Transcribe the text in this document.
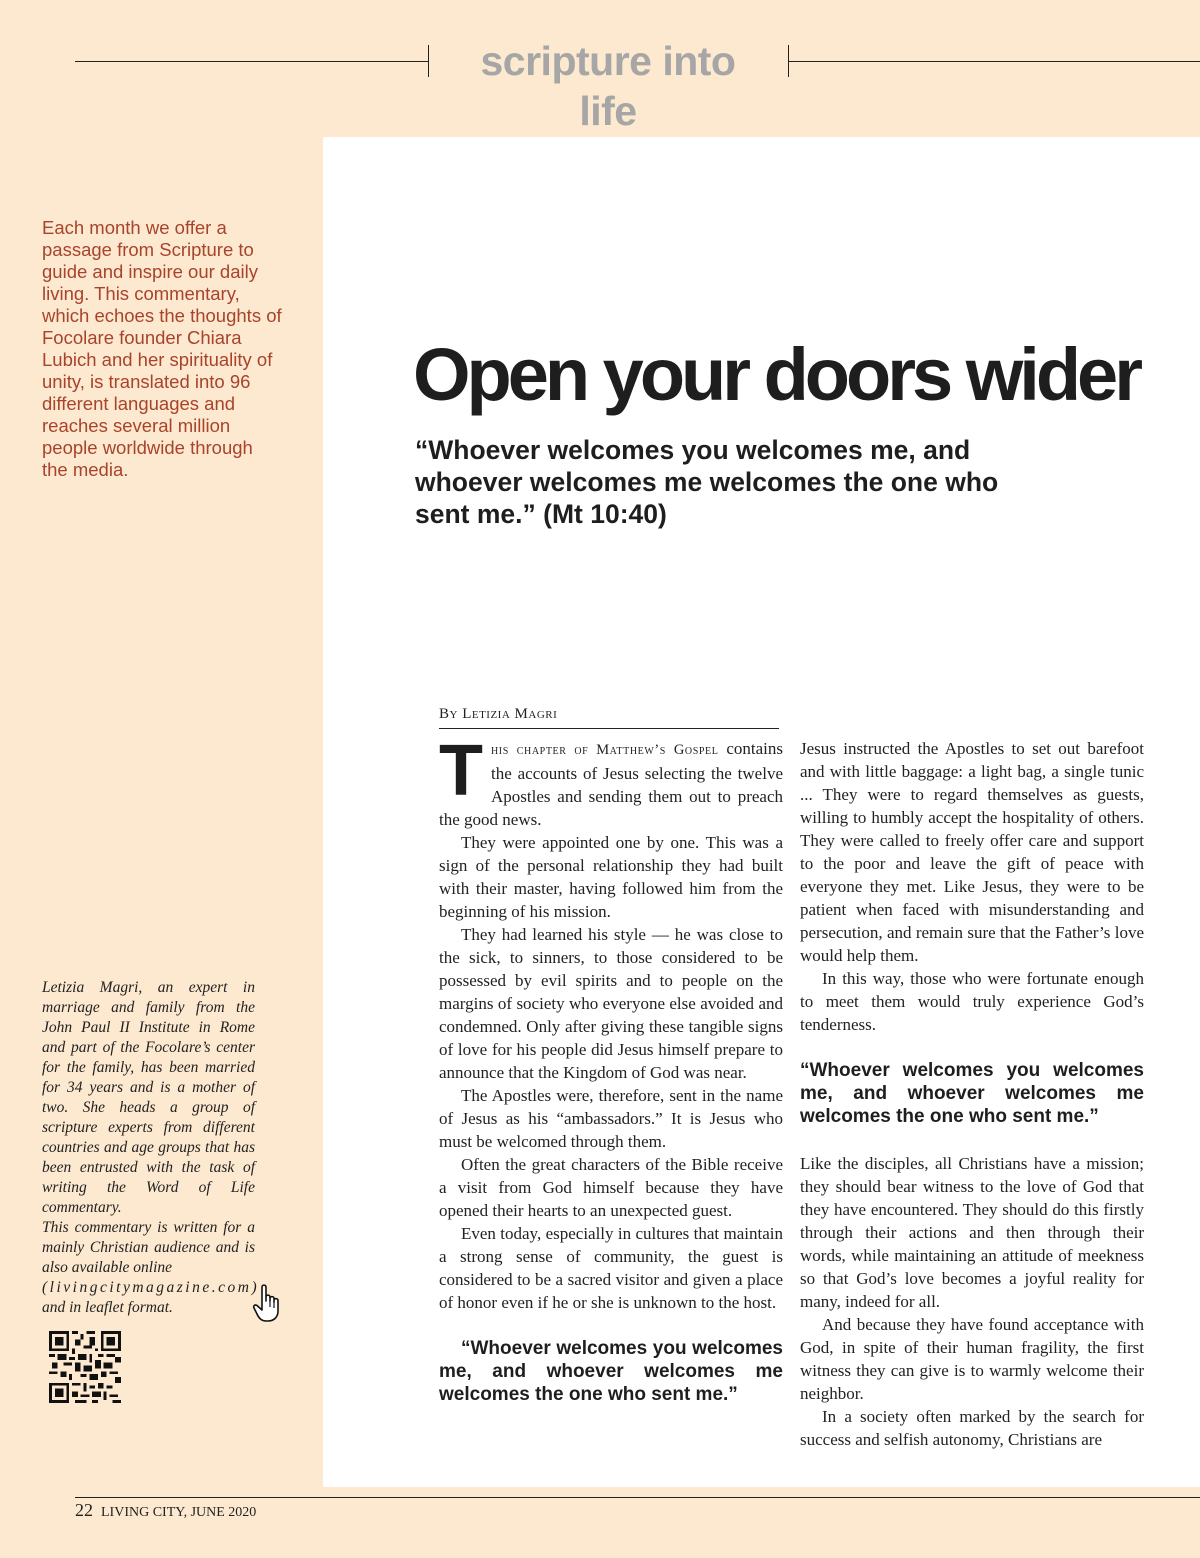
scripture into life
Each month we offer a passage from Scripture to guide and inspire our daily living. This commentary, which echoes the thoughts of Focolare founder Chiara Lubich and her spirituality of unity, is translated into 96 different languages and reaches several million people worldwide through the media.

Letizia Magri, an expert in marriage and family from the John Paul II Institute in Rome and part of the Focolare’s center for the family, has been married for 34 years and is a mother of two. She heads a group of scripture experts from different countries and age groups that has been entrusted with the task of writing the Word of Life commentary.

This commentary is written for a mainly Christian audience and is also available online

(livingcitymagazine.com)

and in leaflet format.

Open your doors wider
“Whoever welcomes you welcomes me, and whoever welcomes me welcomes the one who sent me.” (Mt 10:40)
By Letizia Magri

This chapter of Matthew’s Gospel contains the accounts of Jesus selecting the twelve Apostles and sending them out to preach the good news.

They were appointed one by one. This was a sign of the personal relationship they had built with their master, having followed him from the beginning of his mission.

They had learned his style — he was close to the sick, to sinners, to those considered to be possessed by evil spirits and to people on the margins of society who everyone else avoided and condemned. Only after giving these tangible signs of love for his people did Jesus himself prepare to announce that the Kingdom of God was near.

The Apostles were, therefore, sent in the name of Jesus as his “ambassadors.” It is Jesus who must be welcomed through them.

Often the great characters of the Bible receive a visit from God himself because they have opened their hearts to an unexpected guest.

Even today, especially in cultures that maintain a strong sense of community, the guest is considered to be a sacred visitor and given a place of honor even if he or she is unknown to the host.

“Whoever welcomes you welcomes me, and whoever welcomes me welcomes the one who sent me.”

Jesus instructed the Apostles to set out barefoot and with little baggage: a light bag, a single tunic ... They were to regard themselves as guests, willing to humbly accept the hospitality of others. They were called to freely offer care and support to the poor and leave the gift of peace with everyone they met. Like Jesus, they were to be patient when faced with misunderstanding and persecution, and remain sure that the Father’s love would help them.

In this way, those who were fortunate enough to meet them would truly experience God’s tenderness.

“Whoever welcomes you welcomes me, and whoever welcomes me welcomes the one who sent me.”

Like the disciples, all Christians have a mission; they should bear witness to the love of God that they have encountered. They should do this firstly through their actions and then through their words, while maintaining an attitude of meekness so that God’s love becomes a joyful reality for many, indeed for all.

And because they have found acceptance with God, in spite of their human fragility, the first witness they can give is to warmly welcome their neighbor.

In a society often marked by the search for success and selfish autonomy, Christians are

22 LIVING CITY, JUNE 2020
